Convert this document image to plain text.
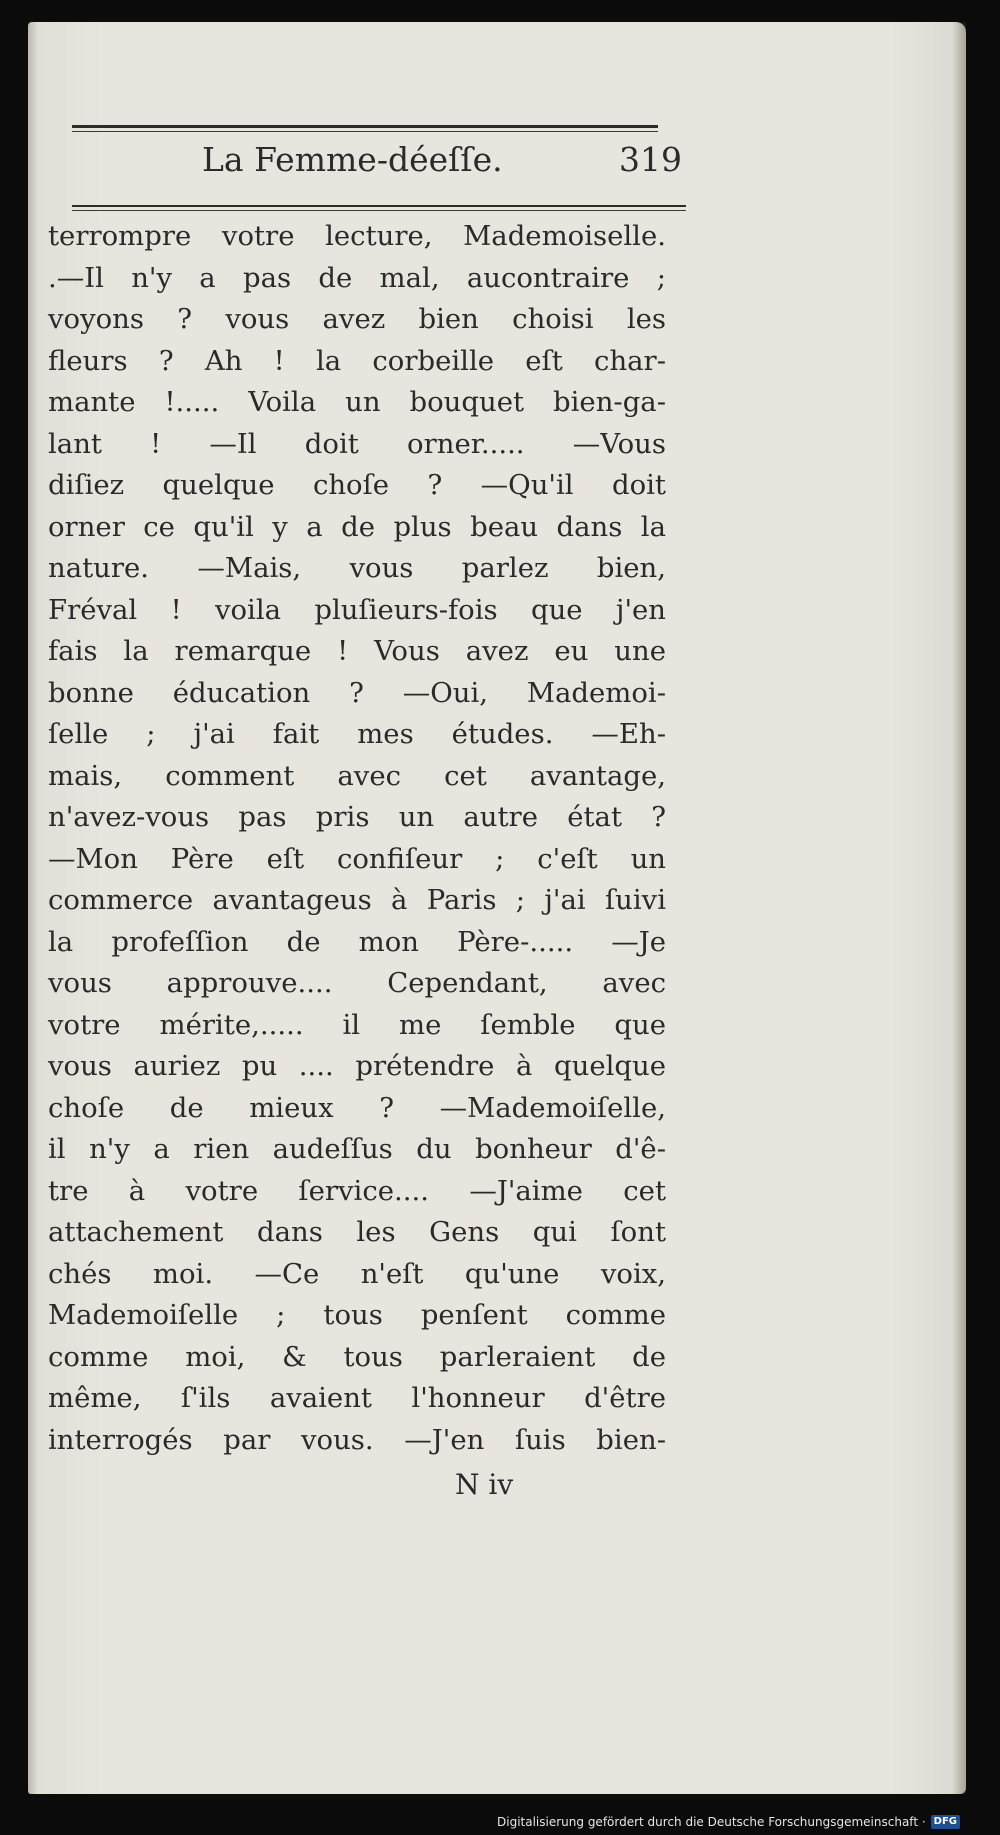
La Femme-déeſſe.	319
terrompre votre lecture, Mademoiselle.
.—Il n'y a pas de mal, aucontraire ;
voyons ? vous avez bien choisi les
fleurs ? Ah ! la corbeille eſt char-
mante !..... Voila un bouquet bien-ga-
lant ! —Il doit orner..... —Vous
diſiez quelque choſe ? —Qu'il doit
orner ce qu'il y a de plus beau dans la
nature. —Mais, vous parlez bien,
Fréval ! voila pluſieurs-fois que j'en
fais la remarque ! Vous avez eu une
bonne éducation ? —Oui, Mademoi-
ſelle ; j'ai fait mes études. —Eh-
mais, comment avec cet avantage,
n'avez-vous pas pris un autre état ?
—Mon Père eſt confiſeur ; c'eſt un
commerce avantageus à Paris ; j'ai ſuivi
la profeſſion de mon Père-..... —Je
vous approuve.... Cependant, avec
votre mérite,..... il me ſemble que
vous auriez pu .... prétendre à quelque
choſe de mieux ? —Mademoiſelle,
il n'y a rien audeſſus du bonheur d'ê-
tre à votre ſervice.... —J'aime cet
attachement dans les Gens qui ſont
chés moi. —Ce n'eſt qu'une voix,
Mademoiſelle ; tous penſent comme
comme moi, & tous parleraient de
même, ſ'ils avaient l'honneur d'être
interrogés par vous. —J'en ſuis bien-
N iv
Digitalisierung gefördert durch die Deutsche Forschungsgemeinschaft · DFG
